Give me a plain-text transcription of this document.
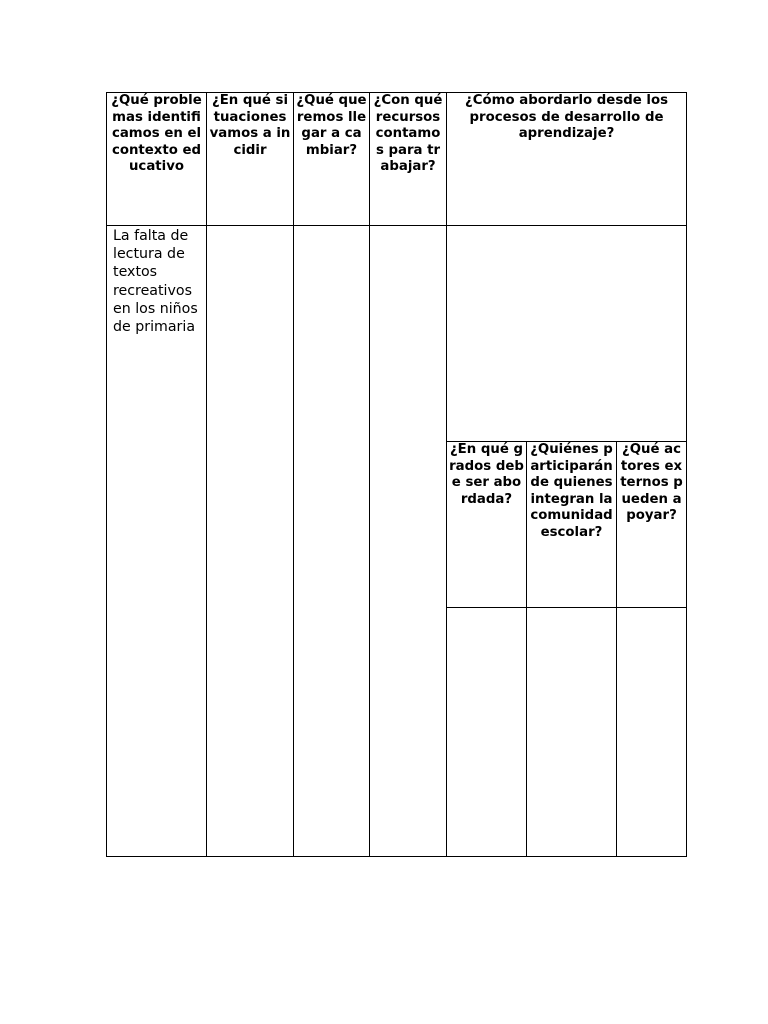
¿Qué problemas identificamos en el contexto educativo	¿En qué situaciones vamos a incidir	¿Qué queremos llegar a cambiar?	¿Con qué recursos contamos para trabajar?	¿Cómo abordarlo desde los procesos de desarrollo de aprendizaje?		

La falta de lectura de textos recreativos en los niños de primaria						

				¿En qué grados debe ser abordada?	¿Quiénes participarán de quienes integran la comunidad escolar?	¿Qué actores externos pueden apoyar?
